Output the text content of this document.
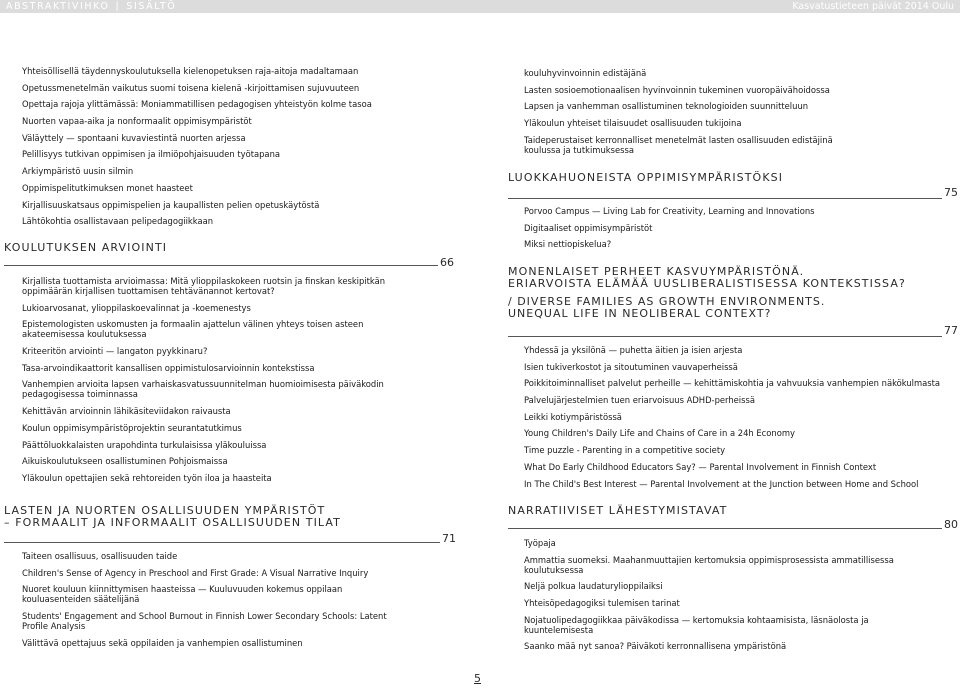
ABSTRAKTIVIHKO | SISÄLTÖ	Kasvatustieteen päivät 2014 Oulu
Yhteisöllisellä täydennyskoulutuksella kielenopetuksen raja-aitoja madaltamaan
Opetussmenetelmän vaikutus suomi toisena kielenä -kirjoittamisen sujuvuuteen
Opettaja rajoja ylittämässä: Moniammatillisen pedagogisen yhteistyön kolme tasoa
Nuorten vapaa-aika ja nonformaalit oppimisympäristöt
Väläyttely — spontaani kuvaviestintä nuorten arjessa
Pelillisyys tutkivan oppimisen ja ilmiöpohjaisuuden työtapana
Arkiympäristö uusin silmin
Oppimispelitutkimuksen monet haasteet
Kirjallisuuskatsaus oppimispelien ja kaupallisten pelien opetuskäytöstä
Lähtökohtia osallistavaan pelipedagogiikkaan
KOULUTUKSEN ARVIOINTI
66
Kirjallista tuottamista arvioimassa: Mitä ylioppilaskokeen ruotsin ja finskan keskipitkän oppimäärän kirjallisen tuottamisen tehtävänannot kertovat?
Lukioarvosanat, ylioppilaskoevalinnat ja -koemenestys
Epistemologisten uskomusten ja formaalin ajattelun välinen yhteys toisen asteen akateemisessa koulutuksessa
Kriteeritön arviointi — langaton pyykkinaru?
Tasa-arvoindikaattorit kansallisen oppimistulosarvioinnin kontekstissa
Vanhempien arvioita lapsen varhaiskasvatussuunnitelman huomioimisesta päiväkodin pedagogisessa toiminnassa
Kehittävän arvioinnin lähikäsiteviidakon raivausta
Koulun oppimisympäristöprojektin seurantatutkimus
Päättöluokkalaisten urapohdinta turkulaisissa yläkouluissa
Aikuiskoulutukseen osallistuminen Pohjoismaissa
Yläkoulun opettajien sekä rehtoreiden työn iloa ja haasteita
LASTEN JA NUORTEN OSALLISUUDEN YMPÄRISTÖT
– FORMAALIT JA INFORMAALIT OSALLISUUDEN TILAT
71
Taiteen osallisuus, osallisuuden taide
Children's Sense of Agency in Preschool and First Grade: A Visual Narrative Inquiry
Nuoret kouluun kiinnittymisen haasteissa — Kuuluvuuden kokemus oppilaan kouluasenteiden säätelijänä
Students' Engagement and School Burnout in Finnish Lower Secondary Schools: Latent Profile Analysis
Välittävä opettajuus sekä oppilaiden ja vanhempien osallistuminen
kouluhyvinvoinnin edistäjänä
Lasten sosioemotionaalisen hyvinvoinnin tukeminen vuoropäivähoidossa
Lapsen ja vanhemman osallistuminen teknologioiden suunnitteluun
Yläkoulun yhteiset tilaisuudet osallisuuden tukijoina
Taideperustaiset kerronnalliset menetelmät lasten osallisuuden edistäjinä koulussa ja tutkimuksessa
LUOKKAHUONEISTA OPPIMISYMPÄRISTÖKSI
75
Porvoo Campus — Living Lab for Creativity, Learning and Innovations
Digitaaliset oppimisympäristöt
Miksi nettiopiskelua?
MONENLAISET PERHEET KASVUYMPÄRISTÖNÄ.
ERIARVOISTA ELÄMÄÄ UUSLIBERALISTISESSA KONTEKSTISSA?
/ DIVERSE FAMILIES AS GROWTH ENVIRONMENTS.
UNEQUAL LIFE IN NEOLIBERAL CONTEXT?
77
Yhdessä ja yksilönä — puhetta äitien ja isien arjesta
Isien tukiverkostot ja sitoutuminen vauvaperheissä
Poikkitoiminnalliset palvelut perheille — kehittämiskohtia ja vahvuuksia vanhempien näkökulmasta
Palvelujärjestelmien tuen eriarvoisuus ADHD-perheissä
Leikki kotiympäristössä
Young Children's Daily Life and Chains of Care in a 24h Economy
Time puzzle - Parenting in a competitive society
What Do Early Childhood Educators Say? — Parental Involvement in Finnish Context
In The Child's Best Interest — Parental Involvement at the Junction between Home and School
NARRATIIVISET LÄHESTYMISTAVAT
80
Työpaja
Ammattia suomeksi. Maahanmuuttajien kertomuksia oppimisprosessista ammatillisessa koulutuksessa
Neljä polkua laudaturylioppilaiksi
Yhteisöpedagogiksi tulemisen tarinat
Nojatuolipedagogiikkaa päiväkodissa — kertomuksia kohtaamisista, läsnäolosta ja kuuntelemisesta
Saanko mää nyt sanoa? Päiväkoti kerronnallisena ympäristönä
5
